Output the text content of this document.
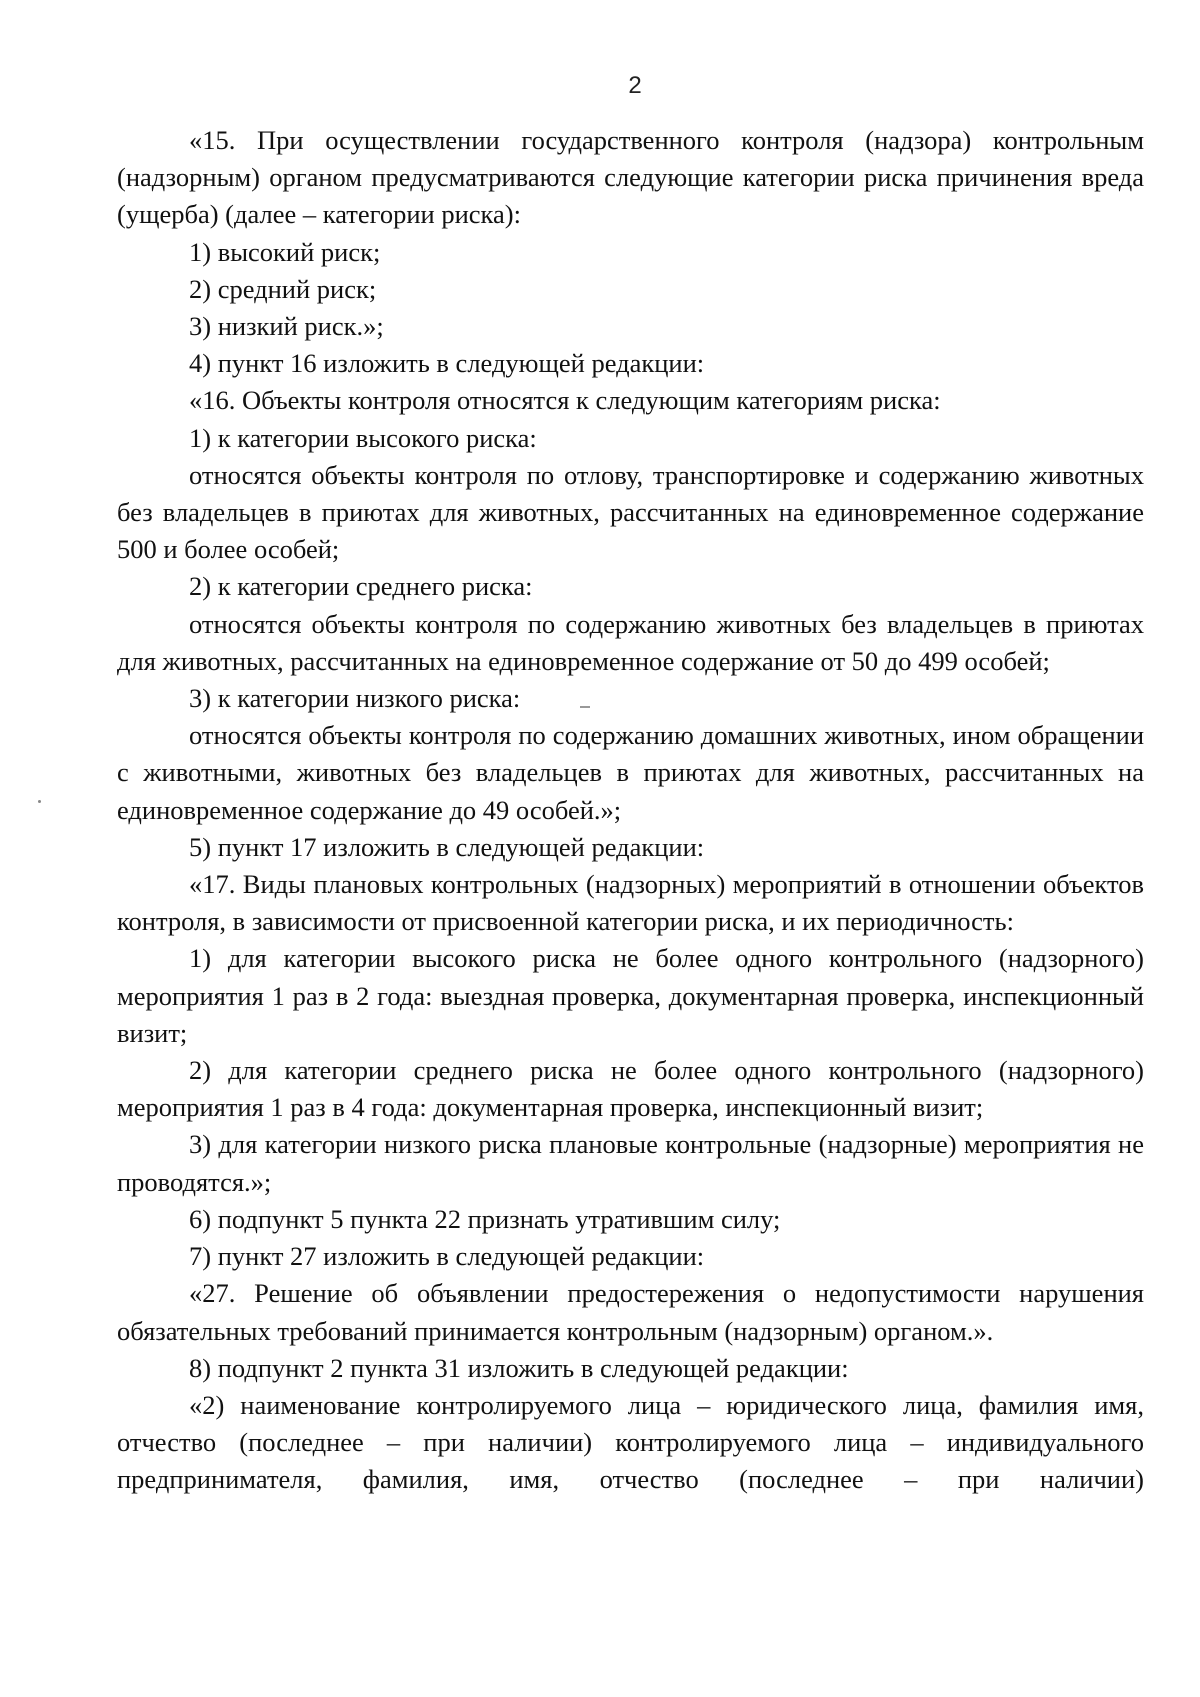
2

«15. При осуществлении государственного контроля (надзора) контрольным (надзорным) органом предусматриваются следующие категории риска причинения вреда (ущерба) (далее – категории риска):

1) высокий риск;

2) средний риск;

3) низкий риск.»;

4) пункт 16 изложить в следующей редакции:

«16. Объекты контроля относятся к следующим категориям риска:

1) к категории высокого риска:

относятся объекты контроля по отлову, транспортировке и содержанию животных без владельцев в приютах для животных, рассчитанных на единовременное содержание 500 и более особей;

2) к категории среднего риска:

относятся объекты контроля по содержанию животных без владельцев в приютах для животных, рассчитанных на единовременное содержание от 50 до 499 особей;

3) к категории низкого риска:

относятся объекты контроля по содержанию домашних животных, ином обращении с животными, животных без владельцев в приютах для животных, рассчитанных на единовременное содержание до 49 особей.»;

5) пункт 17 изложить в следующей редакции:

«17. Виды плановых контрольных (надзорных) мероприятий в отношении объектов контроля, в зависимости от присвоенной категории риска, и их периодичность:

1) для категории высокого риска не более одного контрольного (надзорного) мероприятия 1 раз в 2 года: выездная проверка, документарная проверка, инспекционный визит;

2) для категории среднего риска не более одного контрольного (надзорного) мероприятия 1 раз в 4 года: документарная проверка, инспекционный визит;

3) для категории низкого риска плановые контрольные (надзорные) мероприятия не проводятся.»;

6) подпункт 5 пункта 22 признать утратившим силу;

7) пункт 27 изложить в следующей редакции:

«27. Решение об объявлении предостережения о недопустимости нарушения обязательных требований принимается контрольным (надзорным) органом.».

8) подпункт 2 пункта 31 изложить в следующей редакции:

«2) наименование контролируемого лица – юридического лица, фамилия имя, отчество (последнее – при наличии) контролируемого лица – индивидуального предпринимателя, фамилия, имя, отчество (последнее – при наличии)
